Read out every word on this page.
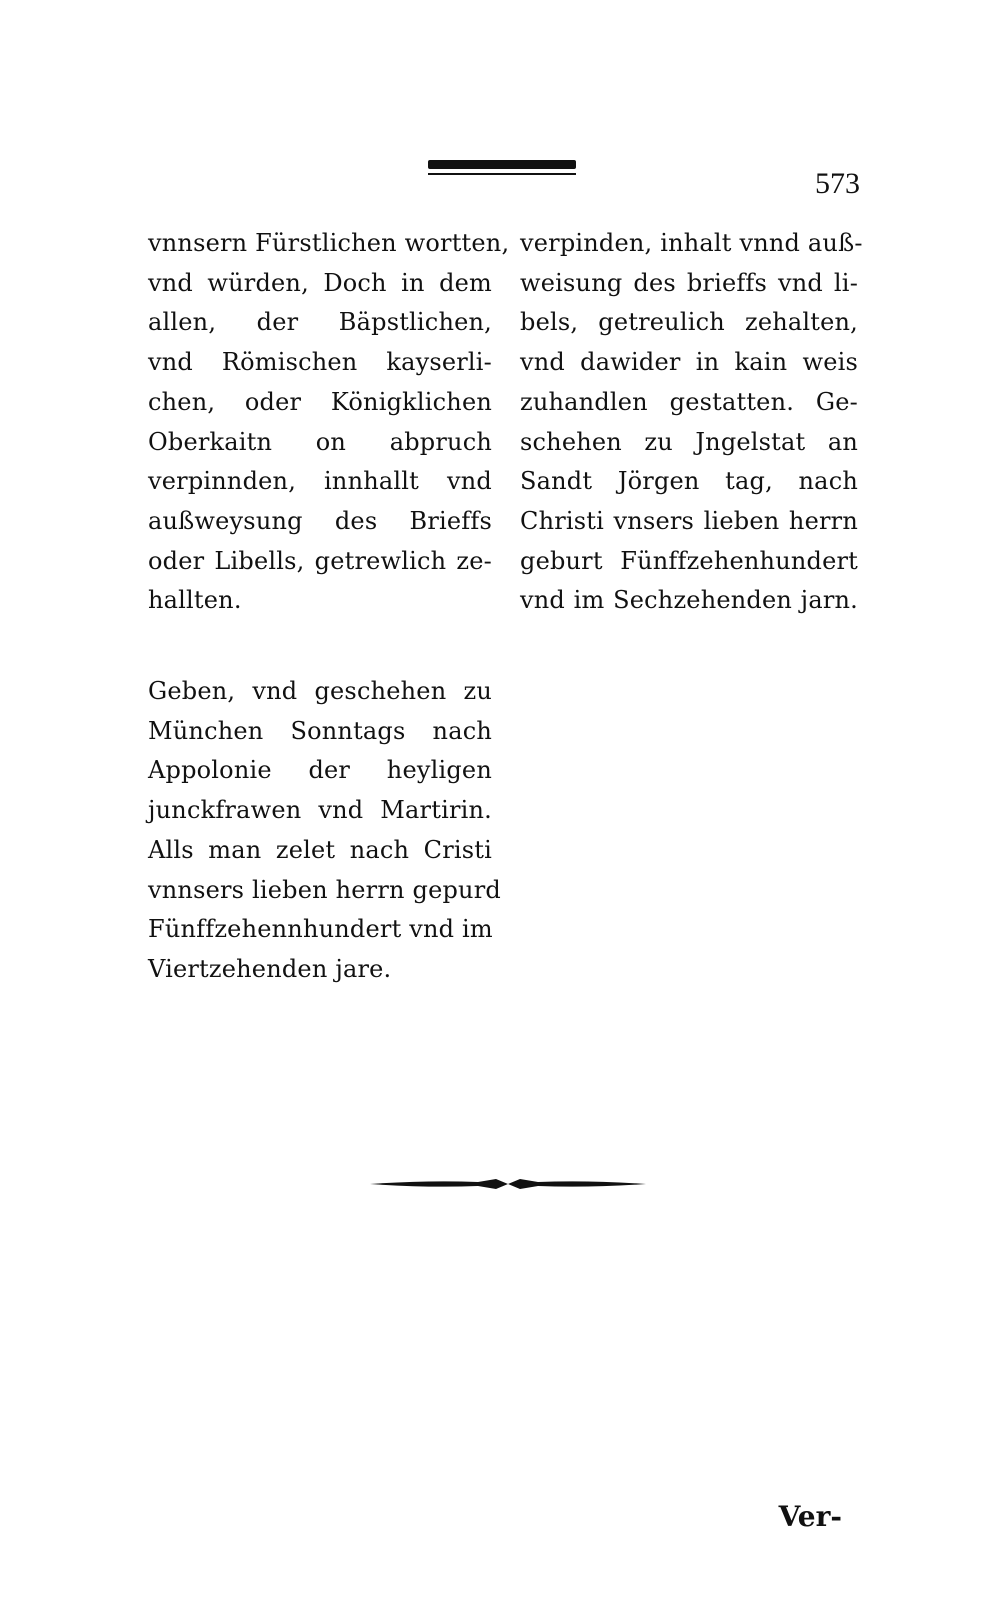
573
vnnsern Fürstlichen wortten,
vnd würden, Doch in dem
allen, der Bäpstlichen,
vnd Römischen kayserli-
chen, oder Königklichen
Oberkaitn on abpruch
verpinnden, innhallt vnd
außweysung des Brieffs
oder Libells, getrewlich ze-
hallten.
verpinden, inhalt vnnd auß-
weisung des brieffs vnd li-
bels, getreulich zehalten,
vnd dawider in kain weis
zuhandlen gestatten. Ge-
schehen zu Jngelstat an
Sandt Jörgen tag, nach
Christi vnsers lieben herrn
geburt Fünffzehenhundert
vnd im Sechzehenden jarn.
Geben, vnd geschehen zu
München Sonntags nach
Appolonie der heyligen
junckfrawen vnd Martirin.
Alls man zelet nach Cristi
vnnsers lieben herrn gepurd
Fünffzehennhundert vnd im
Viertzehenden jare.
Ver-
